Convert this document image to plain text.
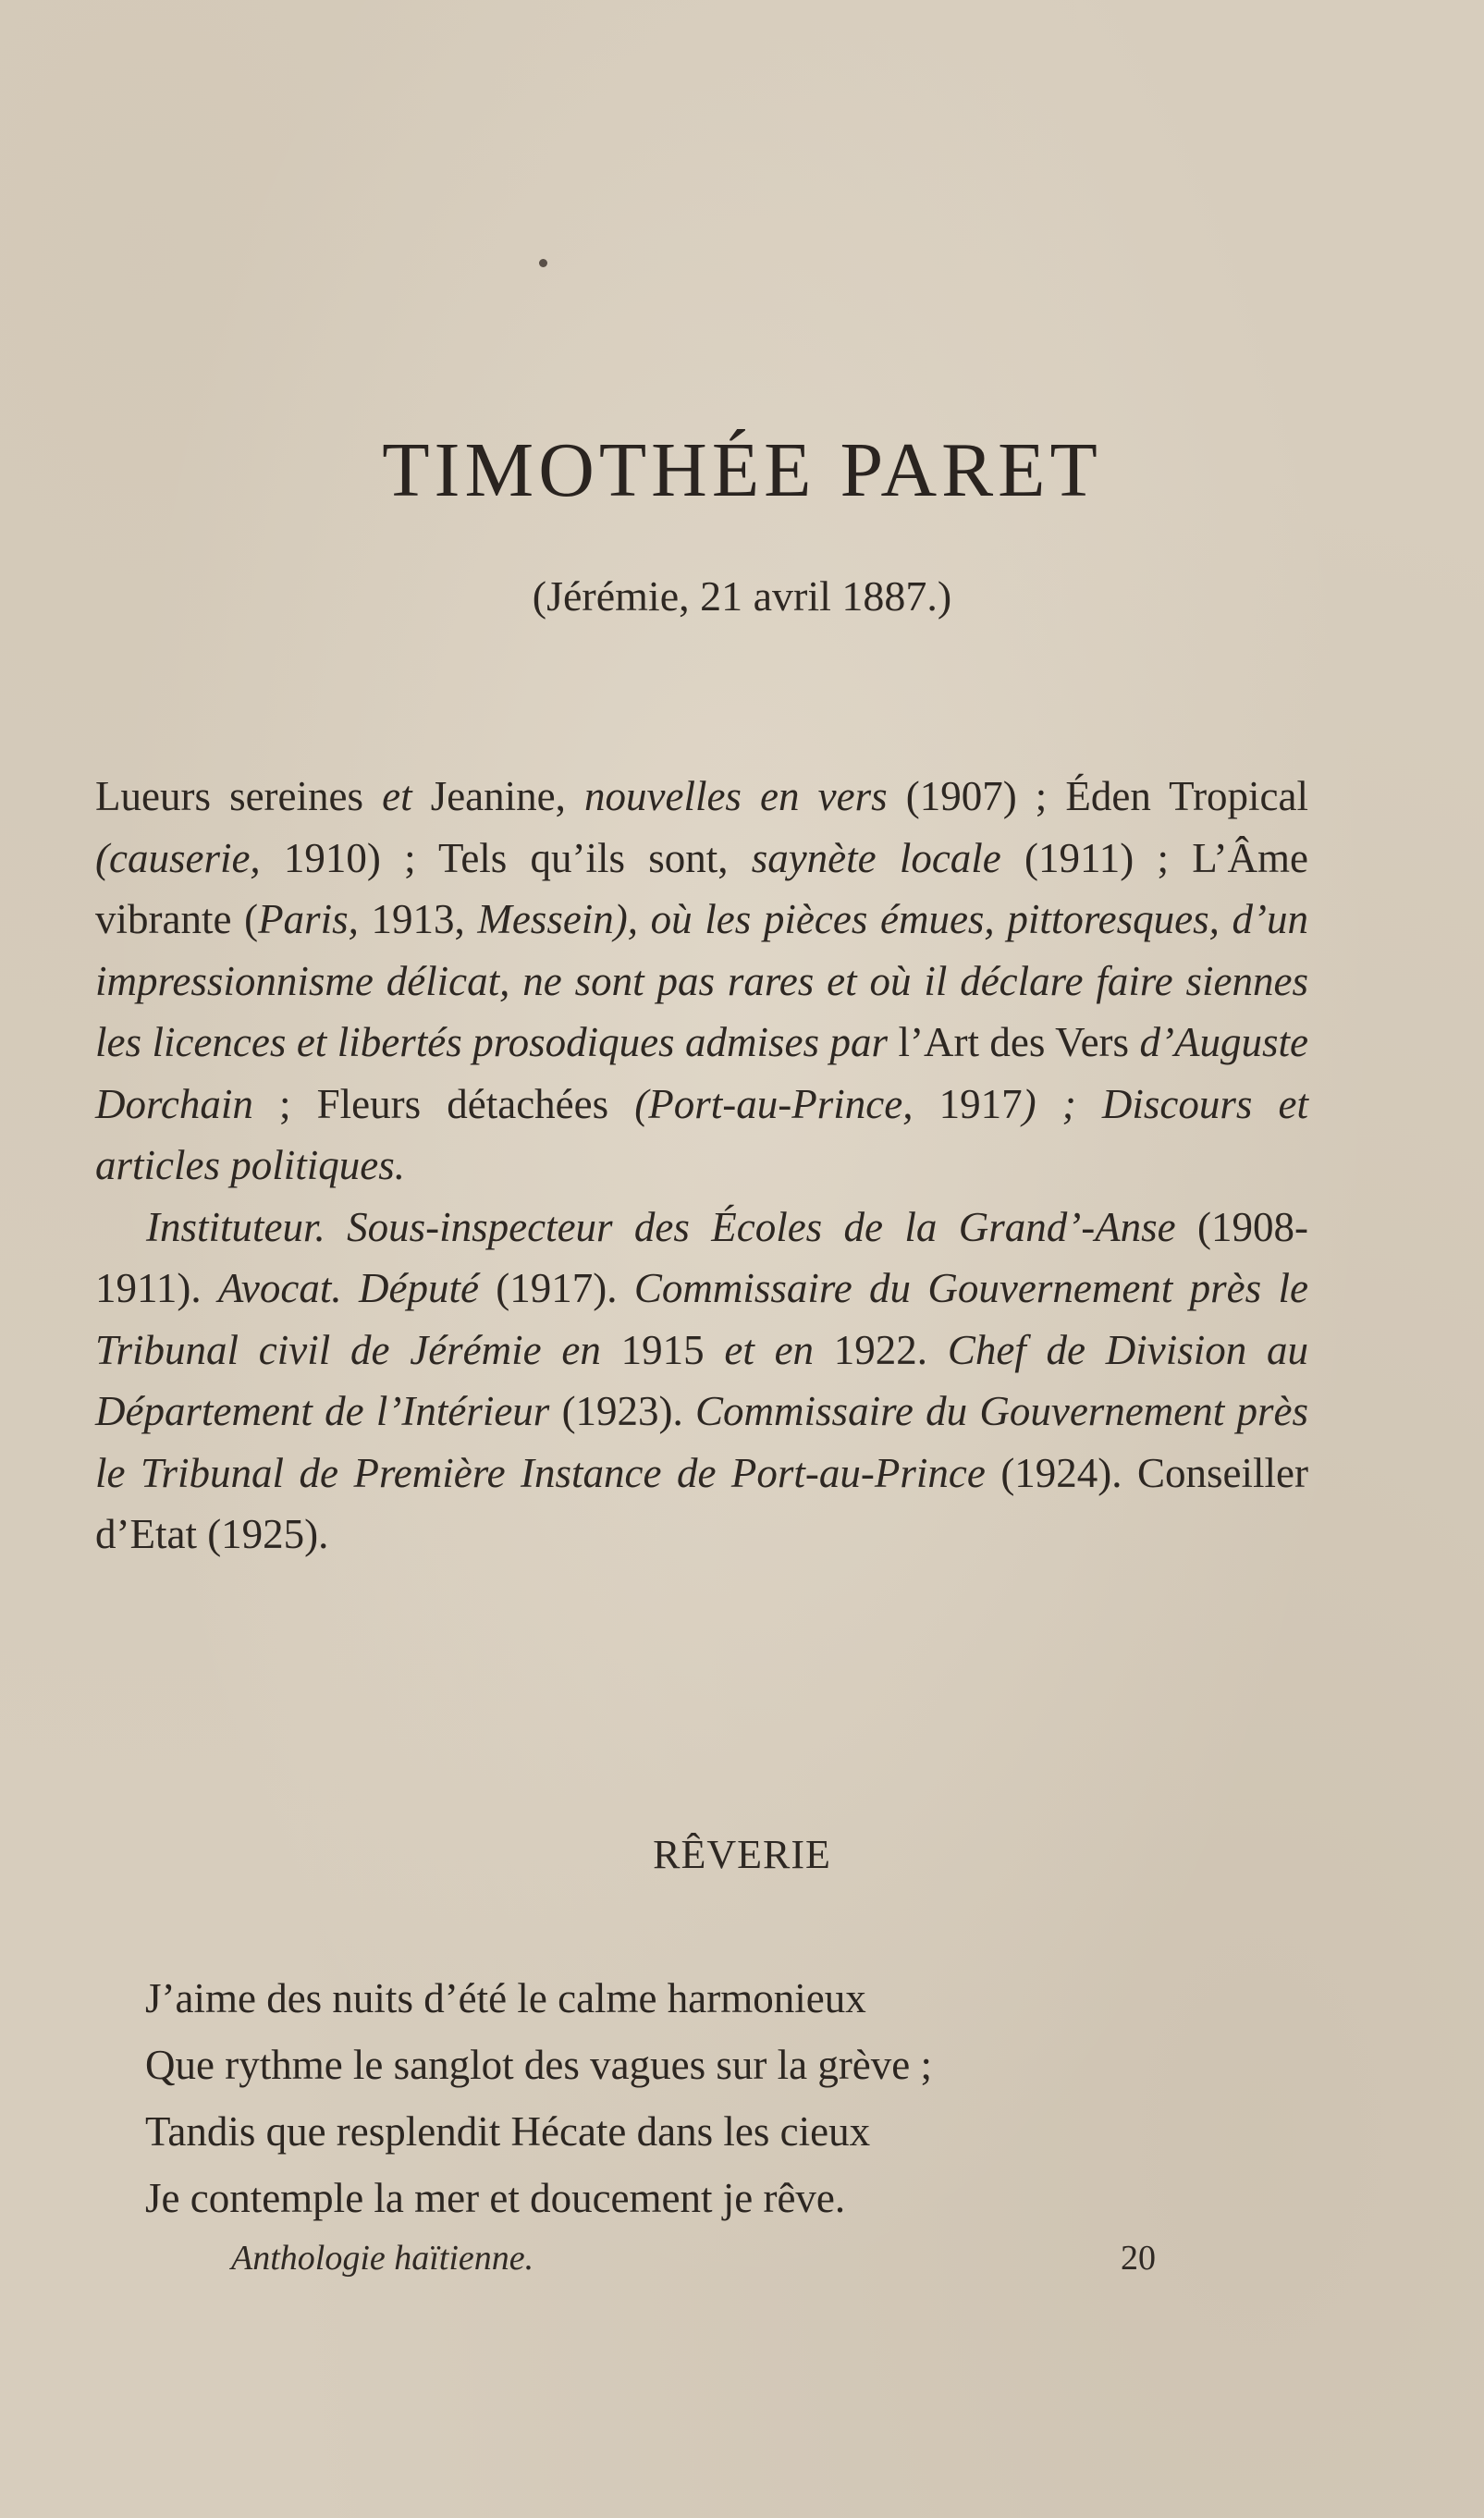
TIMOTHÉE PARET
(Jérémie, 21 avril 1887.)

Lueurs sereines et Jeanine, nouvelles en vers (1907) ; Éden Tropical (causerie, 1910) ; Tels qu’ils sont, saynète locale (1911) ; L’Âme vibrante (Paris, 1913, Messein), où les pièces émues, pittoresques, d’un impressionnisme délicat, ne sont pas rares et où il déclare faire siennes les licences et libertés prosodiques admises par l’Art des Vers d’Auguste Dorchain ; Fleurs détachées (Port-au-Prince, 1917) ; Discours et articles politiques.

Instituteur. Sous-inspecteur des Écoles de la Grand’-Anse (1908-1911). Avocat. Député (1917). Commissaire du Gouvernement près le Tribunal civil de Jérémie en 1915 et en 1922. Chef de Division au Département de l’Intérieur (1923). Commissaire du Gouvernement près le Tribunal de Première Instance de Port-au-Prince (1924). Conseiller d’Etat (1925).

RÊVERIE
J’aime des nuits d’été le calme harmonieux
Que rythme le sanglot des vagues sur la grève ;
Tandis que resplendit Hécate dans les cieux
Je contemple la mer et doucement je rêve.
Anthologie haïtienne.	20
